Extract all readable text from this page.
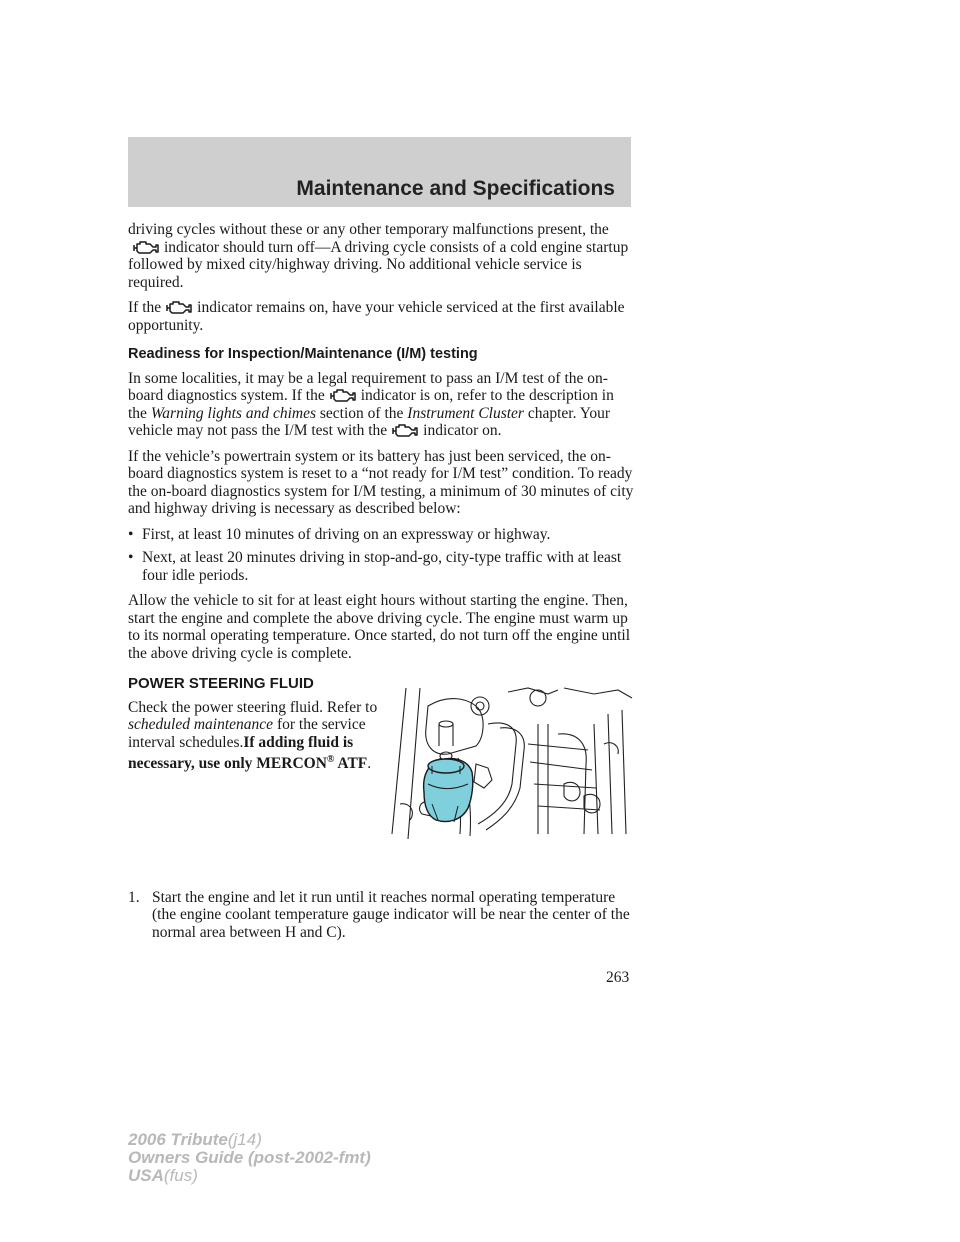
Maintenance and Specifications

driving cycles without these or any other temporary malfunctions present, the
indicator should turn off—A driving cycle consists of a cold engine startup followed by mixed city/highway driving. No additional vehicle service is required.

If the indicator remains on, have your vehicle serviced at the first available opportunity.

Readiness for Inspection/Maintenance (I/M) testing

In some localities, it may be a legal requirement to pass an I/M test of the on-board diagnostics system. If the indicator is on, refer to the description in the Warning lights and chimes section of the Instrument Cluster chapter. Your vehicle may not pass the I/M test with the indicator on.

If the vehicle’s powertrain system or its battery has just been serviced, the on-board diagnostics system is reset to a “not ready for I/M test” condition. To ready the on-board diagnostics system for I/M testing, a minimum of 30 minutes of city and highway driving is necessary as described below:

• First, at least 10 minutes of driving on an expressway or highway.
• Next, at least 20 minutes driving in stop-and-go, city-type traffic with at least four idle periods.

Allow the vehicle to sit for at least eight hours without starting the engine. Then, start the engine and complete the above driving cycle. The engine must warm up to its normal operating temperature. Once started, do not turn off the engine until the above driving cycle is complete.

POWER STEERING FLUID

Check the power steering fluid. Refer to scheduled maintenance for the service interval schedules.If adding fluid is necessary, use only MERCON® ATF.

1. Start the engine and let it run until it reaches normal operating temperature (the engine coolant temperature gauge indicator will be near the center of the normal area between H and C).
263
2006 Tribute(j14)
Owners Guide (post-2002-fmt)
USA(fus)
